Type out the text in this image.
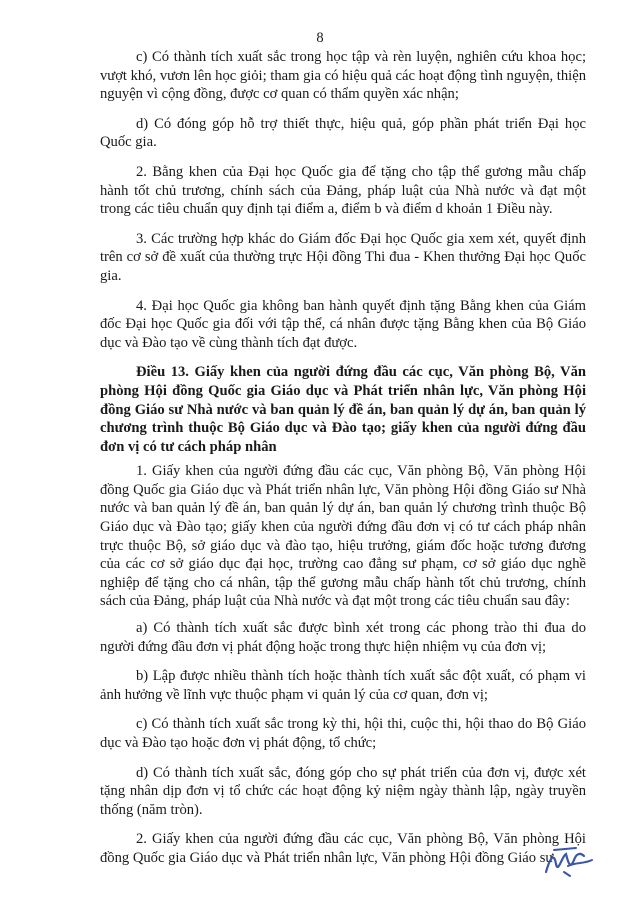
8

c) Có thành tích xuất sắc trong học tập và rèn luyện, nghiên cứu khoa học; vượt khó, vươn lên học giỏi; tham gia có hiệu quả các hoạt động tình nguyện, thiện nguyện vì cộng đồng, được cơ quan có thẩm quyền xác nhận;

d) Có đóng góp hỗ trợ thiết thực, hiệu quả, góp phần phát triển Đại học Quốc gia.

2. Bằng khen của Đại học Quốc gia để tặng cho tập thể gương mẫu chấp hành tốt chủ trương, chính sách của Đảng, pháp luật của Nhà nước và đạt một trong các tiêu chuẩn quy định tại điểm a, điểm b và điểm d khoản 1 Điều này.

3. Các trường hợp khác do Giám đốc Đại học Quốc gia xem xét, quyết định trên cơ sở đề xuất của thường trực Hội đồng Thi đua - Khen thưởng Đại học Quốc gia.

4. Đại học Quốc gia không ban hành quyết định tặng Bằng khen của Giám đốc Đại học Quốc gia đối với tập thể, cá nhân được tặng Bằng khen của Bộ Giáo dục và Đào tạo về cùng thành tích đạt được.

Điều 13. Giấy khen của người đứng đầu các cục, Văn phòng Bộ, Văn phòng Hội đồng Quốc gia Giáo dục và Phát triển nhân lực, Văn phòng Hội đồng Giáo sư Nhà nước và ban quản lý đề án, ban quản lý dự án, ban quản lý chương trình thuộc Bộ Giáo dục và Đào tạo; giấy khen của người đứng đầu đơn vị có tư cách pháp nhân

1. Giấy khen của người đứng đầu các cục, Văn phòng Bộ, Văn phòng Hội đồng Quốc gia Giáo dục và Phát triển nhân lực, Văn phòng Hội đồng Giáo sư Nhà nước và ban quản lý đề án, ban quản lý dự án, ban quản lý chương trình thuộc Bộ Giáo dục và Đào tạo; giấy khen của người đứng đầu đơn vị có tư cách pháp nhân trực thuộc Bộ, sở giáo dục và đào tạo, hiệu trưởng, giám đốc hoặc tương đương của các cơ sở giáo dục đại học, trường cao đẳng sư phạm, cơ sở giáo dục nghề nghiệp để tặng cho cá nhân, tập thể gương mẫu chấp hành tốt chủ trương, chính sách của Đảng, pháp luật của Nhà nước và đạt một trong các tiêu chuẩn sau đây:

a) Có thành tích xuất sắc được bình xét trong các phong trào thi đua do người đứng đầu đơn vị phát động hoặc trong thực hiện nhiệm vụ của đơn vị;

b) Lập được nhiều thành tích hoặc thành tích xuất sắc đột xuất, có phạm vi ảnh hưởng về lĩnh vực thuộc phạm vi quản lý của cơ quan, đơn vị;

c) Có thành tích xuất sắc trong kỳ thi, hội thi, cuộc thi, hội thao do Bộ Giáo dục và Đào tạo hoặc đơn vị phát động, tổ chức;

d) Có thành tích xuất sắc, đóng góp cho sự phát triển của đơn vị, được xét tặng nhân dịp đơn vị tổ chức các hoạt động kỷ niệm ngày thành lập, ngày truyền thống (năm tròn).

2. Giấy khen của người đứng đầu các cục, Văn phòng Bộ, Văn phòng Hội đồng Quốc gia Giáo dục và Phát triển nhân lực, Văn phòng Hội đồng Giáo sư
